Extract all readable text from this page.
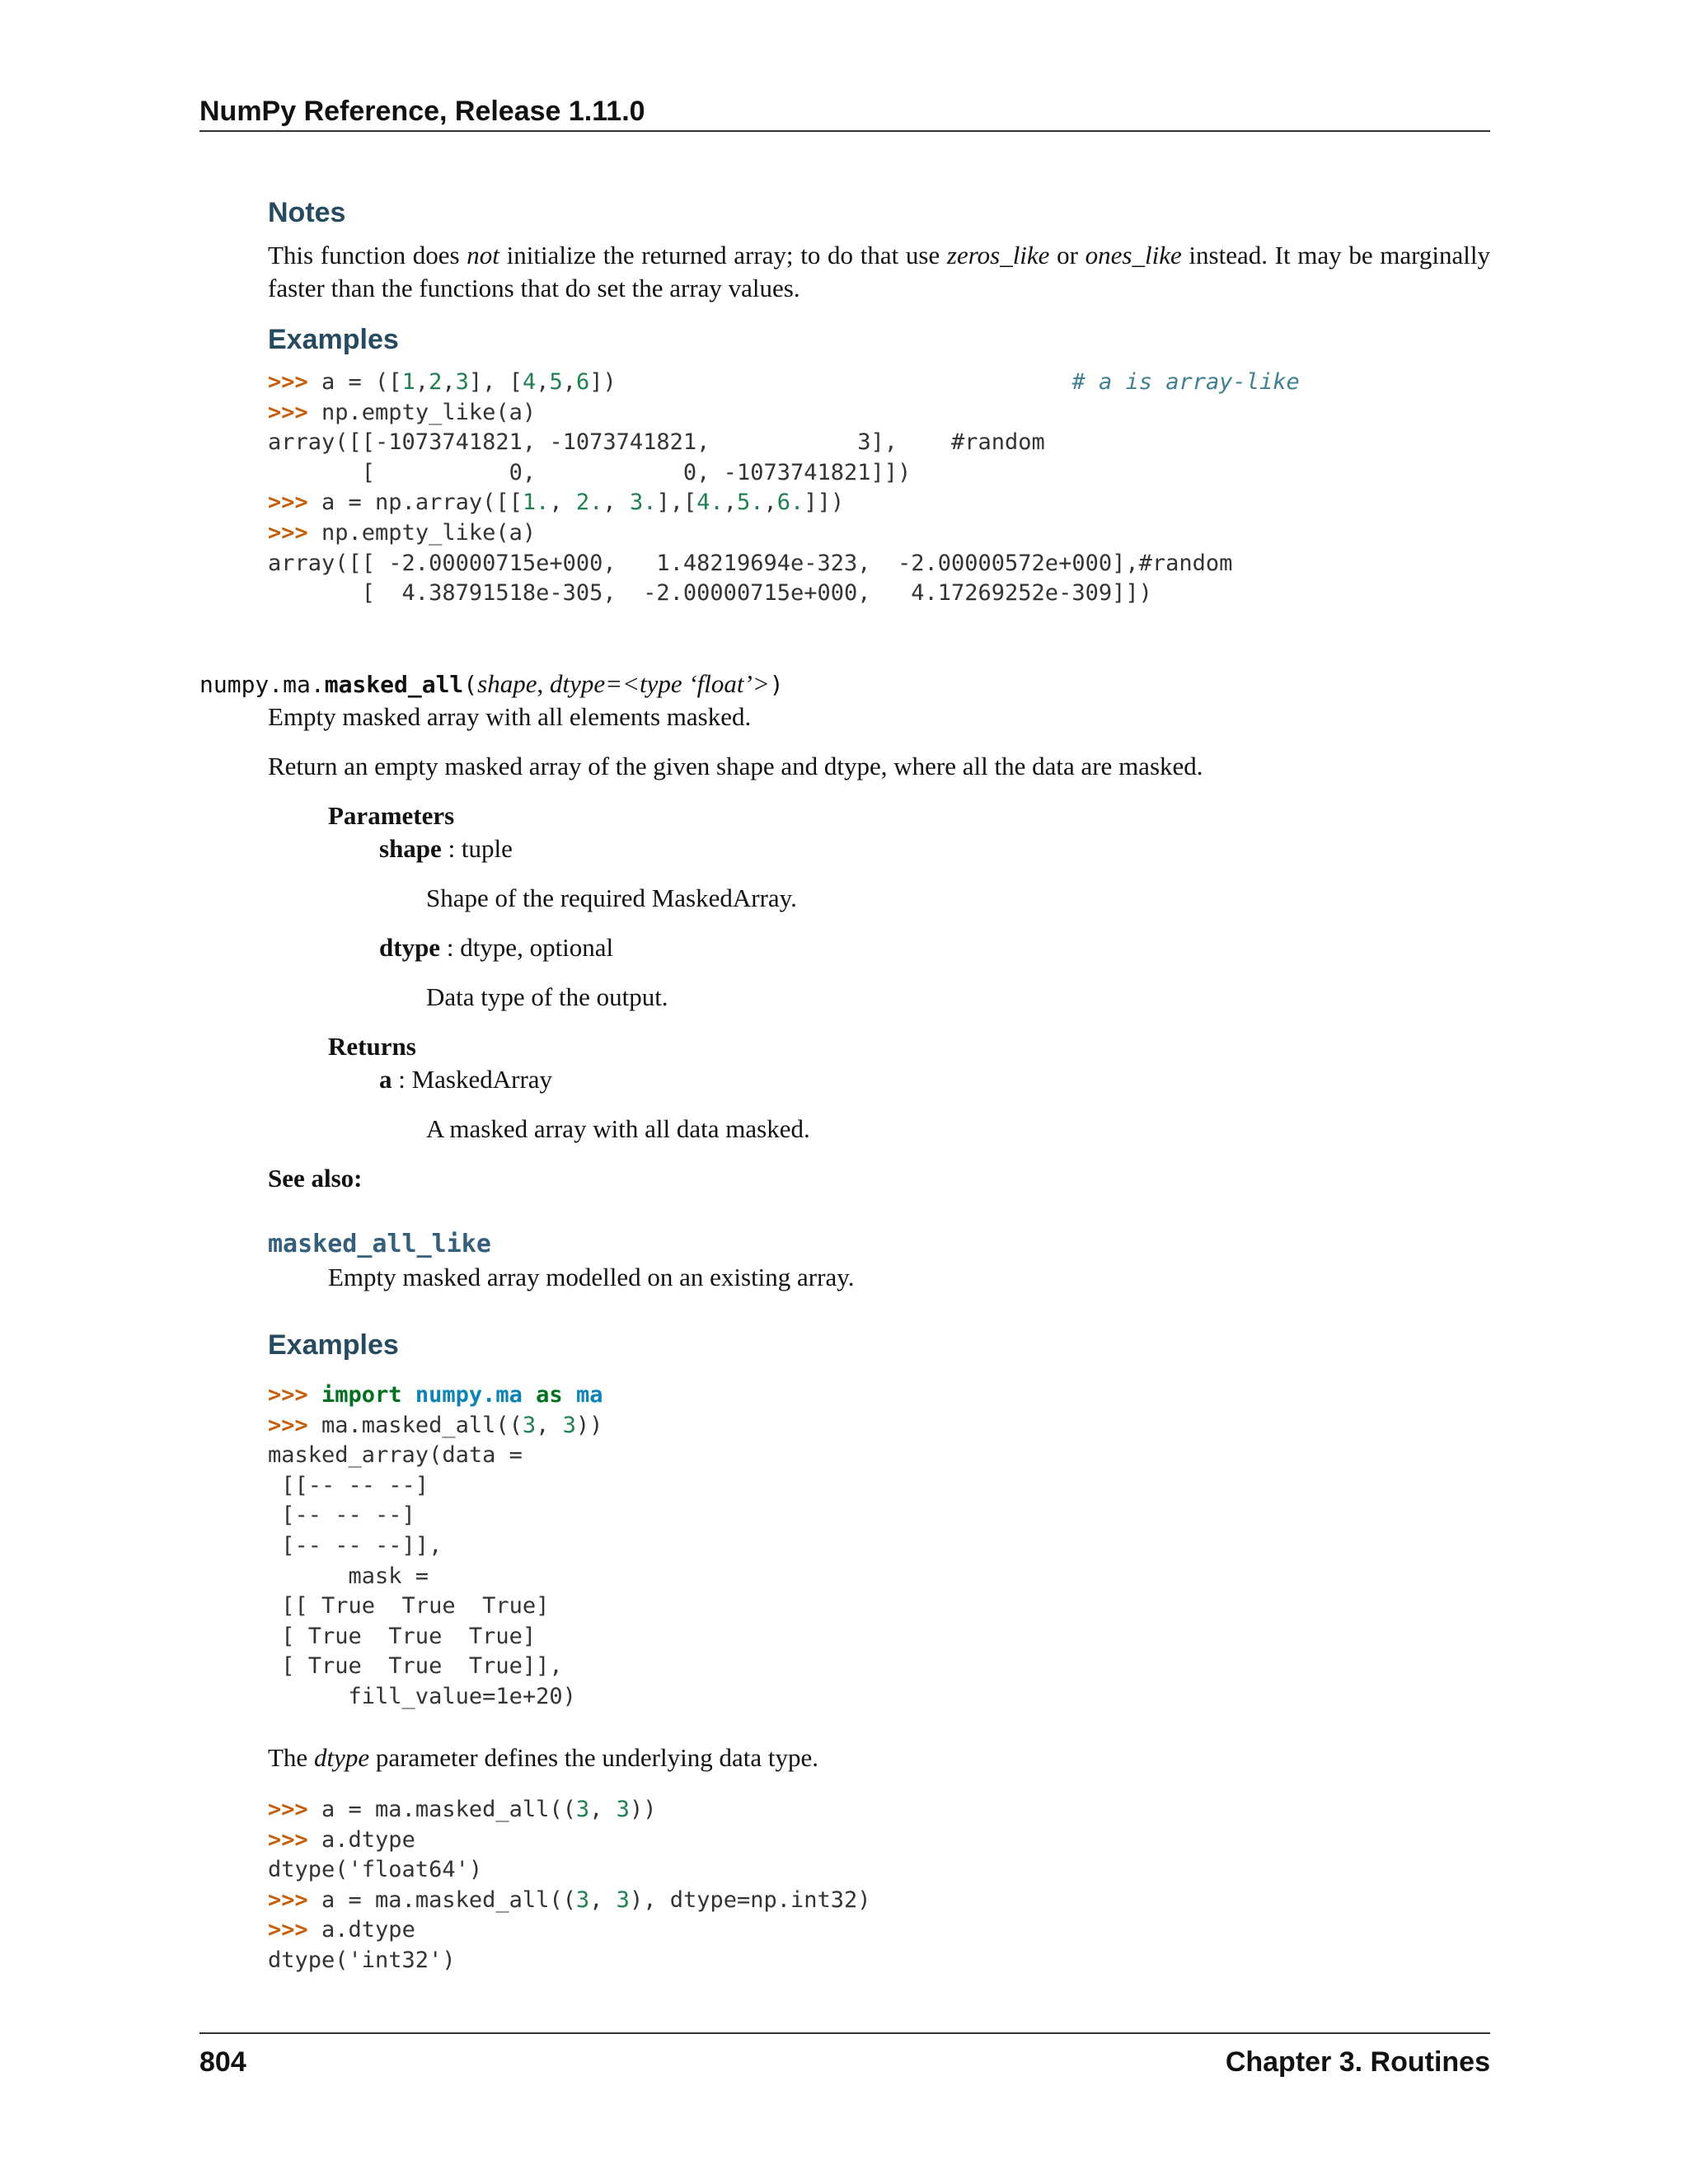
NumPy Reference, Release 1.11.0
Notes

This function does not initialize the returned array; to do that use zeros_like or ones_like instead. It may be marginally faster than the functions that do set the array values.

Examples
>>> a = ([1,2,3], [4,5,6])                                  # a is array-like
>>> np.empty_like(a)
array([[-1073741821, -1073741821,           3],    #random
[          0,           0, -1073741821]])
>>> a = np.array([[1., 2., 3.],[4.,5.,6.]])
>>> np.empty_like(a)
array([[ -2.00000715e+000,   1.48219694e-323,  -2.00000572e+000],#random
[  4.38791518e-305,  -2.00000715e+000,   4.17269252e-309]])
numpy.ma.masked_all(shape, dtype=<type ‘float’>)
Empty masked array with all elements masked.
Return an empty masked array of the given shape and dtype, where all the data are masked.
Parameters
shape : tuple
Shape of the required MaskedArray.
dtype : dtype, optional
Data type of the output.
Returns
a : MaskedArray
A masked array with all data masked.
See also:
masked_all_like
Empty masked array modelled on an existing array.
Examples
>>> import numpy.ma as ma
>>> ma.masked_all((3, 3))
masked_array(data =
[[-- -- --]
[-- -- --]
[-- -- --]],
mask =
[[ True  True  True]
[ True  True  True]
[ True  True  True]],
fill_value=1e+20)
The dtype parameter defines the underlying data type.
>>> a = ma.masked_all((3, 3))
>>> a.dtype
dtype('float64')
>>> a = ma.masked_all((3, 3), dtype=np.int32)
>>> a.dtype
dtype('int32')
804	Chapter 3. Routines
